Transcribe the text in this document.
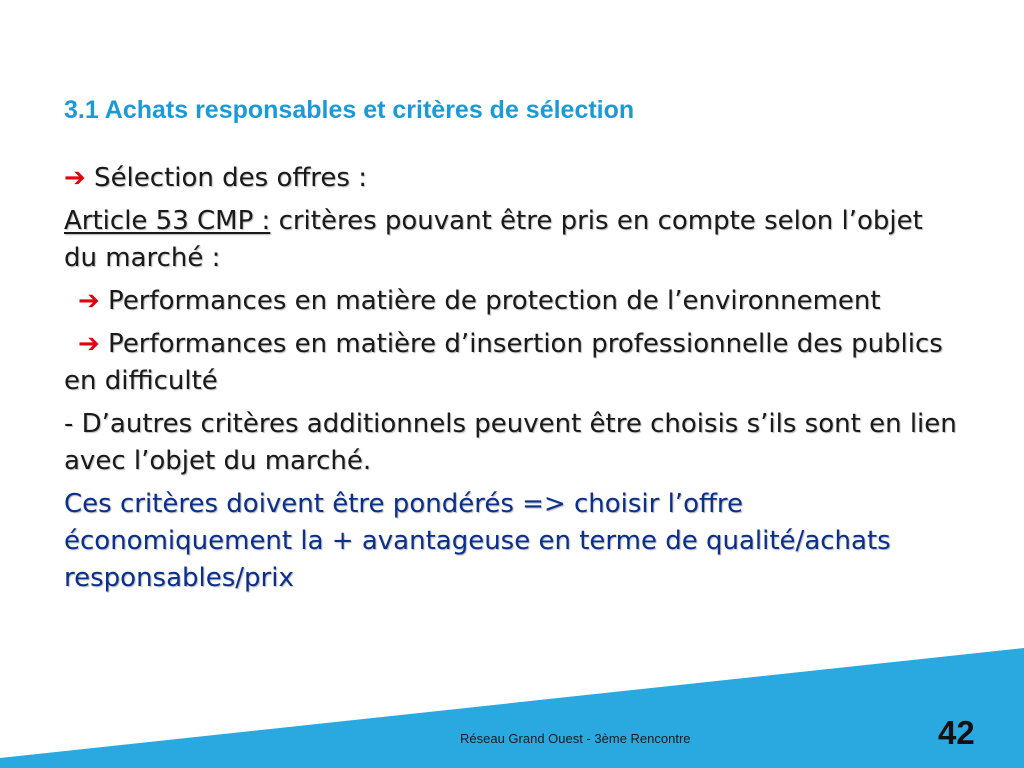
3.1 Achats responsables et critères de sélection

➔ Sélection des offres :

Article 53 CMP : critères pouvant être pris en compte selon l’objet du marché :

➔ Performances en matière de protection de l’environnement

➔ Performances en matière d’insertion professionnelle des publics en difficulté

- D’autres critères additionnels peuvent être choisis s’ils sont en lien avec l’objet du marché.

Ces critères doivent être pondérés => choisir l’offre économiquement la + avantageuse en terme de qualité/achats responsables/prix

Réseau Grand Ouest - 3ème Rencontre	42
